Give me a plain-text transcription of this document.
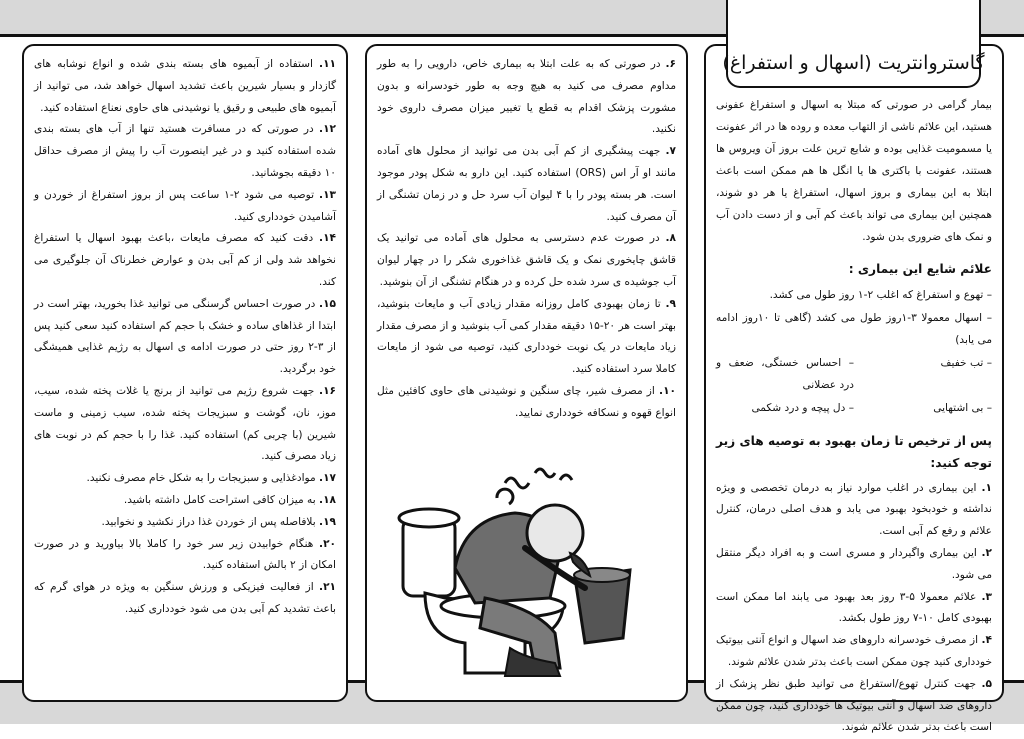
بیمار گرامی در صورتی که مبتلا به اسهال و استفراغ عفونی هستید، این علائم ناشی از التهاب معده و روده ها در اثر عفونت یا مسمومیت غذایی بوده و شایع ترین علت بروز آن ویروس ها هستند، عفونت با باکتری ها یا انگل ها هم ممکن است باعث ابتلا به این بیماری و بروز اسهال، استفراغ یا هر دو شوند، همچنین این بیماری می تواند باعث کم آبی و از دست دادن آب و نمک های ضروری بدن شود.

علائم شایع این بیماری :
– تهوع و استفراغ که اغلب ۲-۱ روز طول می کشد.
– اسهال معمولا ۳-۱روز طول می کشد (گاهی تا ۱۰روز ادامه می یابد)
– تب خفیف
– احساس خستگی، ضعف و درد عضلانی
– بی اشتهایی
– دل پیچه و درد شکمی
پس از ترخیص تا زمان بهبود به توصیه های زیر توجه کنید:

۱. این بیماری در اغلب موارد نیاز به درمان تخصصی و ویژه نداشته و خودبخود بهبود می یابد و هدف اصلی درمان، کنترل علائم و رفع کم آبی است.

۲. این بیماری واگیردار و مسری است و به افراد دیگر منتقل می شود.

۳. علائم معمولا ۵-۳ روز بعد بهبود می یابند اما ممکن است بهبودی کامل ۱۰-۷ روز طول بکشد.

۴. از مصرف خودسرانه داروهای ضد اسهال و انواع آنتی بیوتیک خودداری کنید چون ممکن است باعث بدتر شدن علائم شوند.

۵. جهت کنترل تهوع/استفراغ می توانید طبق نظر پزشک از داروهای ضد اسهال و آنتی بیوتیک ها خودداری کنید، چون ممکن است باعث بدتر شدن علائم شوند.

گاستروانتریت (اسهال و استفراغ)

۶. در صورتی که به علت ابتلا به بیماری خاص، دارویی را به طور مداوم مصرف می کنید به هیچ وجه به طور خودسرانه و بدون مشورت پزشک اقدام به قطع یا تغییر میزان مصرف داروی خود نکنید.

۷. جهت پیشگیری از کم آبی بدن می توانید از محلول های آماده مانند او آر اس (ORS) استفاده کنید. این دارو به شکل پودر موجود است. هر بسته پودر را با ۴ لیوان آب سرد حل و در زمان تشنگی از آن مصرف کنید.

۸. در صورت عدم دسترسی به محلول های آماده می توانید یک قاشق چایخوری نمک و یک قاشق غذاخوری شکر را در چهار لیوان آب جوشیده ی سرد شده حل کرده و در هنگام تشنگی از آن بنوشید.

۹. تا زمان بهبودی کامل روزانه مقدار زیادی آب و مایعات بنوشید، بهتر است هر ۲۰-۱۵ دقیقه مقدار کمی آب بنوشید و از مصرف مقدار زیاد مایعات در یک نوبت خودداری کنید، توصیه می شود از مایعات کاملا سرد استفاده کنید.

۱۰. از مصرف شیر، چای سنگین و نوشیدنی های حاوی کافئین مثل انواع قهوه و نسکافه خودداری نمایید.

۱۱. استفاده از آبمیوه های بسته بندی شده و انواع نوشابه های گازدار و بسیار شیرین باعث تشدید اسهال خواهد شد، می توانید از آبمیوه های طبیعی و رقیق یا نوشیدنی های حاوی نعناع استفاده کنید.

۱۲. در صورتی که در مسافرت هستید تنها از آب های بسته بندی شده استفاده کنید و در غیر اینصورت آب را پیش از مصرف حداقل ۱۰ دقیقه بجوشانید.

۱۳. توصیه می شود ۲-۱ ساعت پس از بروز استفراغ از خوردن و آشامیدن خودداری کنید.

۱۴. دقت کنید که مصرف مایعات ،باعث بهبود اسهال یا استفراغ نخواهد شد ولی از کم آبی بدن و عوارض خطرناک آن جلوگیری می کند.

۱۵. در صورت احساس گرسنگی می توانید غذا بخورید، بهتر است در ابتدا از غذاهای ساده و خشک با حجم کم استفاده کنید سعی کنید پس از ۳-۲ روز حتی در صورت ادامه ی اسهال به رژیم غذایی همیشگی خود برگردید.

۱۶. جهت شروع رژیم می توانید از برنج یا غلات پخته شده، سیب، موز، نان، گوشت و سبزیجات پخته شده، سیب زمینی و ماست شیرین (با چربی کم) استفاده کنید. غذا را با حجم کم در نوبت های زیاد مصرف کنید.

۱۷. موادغذایی و سبزیجات را به شکل خام مصرف نکنید.

۱۸. به میزان کافی استراحت کامل داشته باشید.

۱۹. بلافاصله پس از خوردن غذا دراز نکشید و نخوابید.

۲۰. هنگام خوابیدن زیر سر خود را کاملا بالا بیاورید و در صورت امکان از ۲ بالش استفاده کنید.

۲۱. از فعالیت فیزیکی و ورزش سنگین به ویژه در هوای گرم که باعث تشدید کم آبی بدن می شود خودداری کنید.
